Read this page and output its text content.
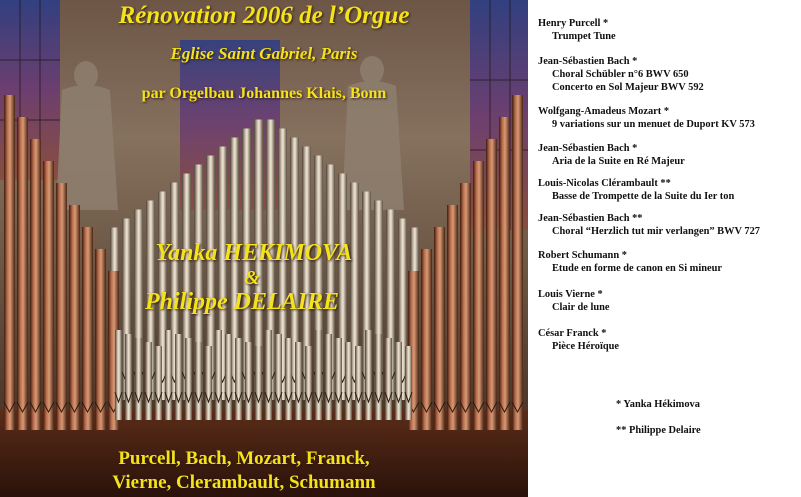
Rénovation 2006 de l’Orgue
Eglise Saint Gabriel, Paris
par Orgelbau Johannes Klais, Bonn
Yanka HEKIMOVA
&
Philippe DELAIRE
Purcell, Bach, Mozart, Franck,
Vierne, Clerambault, Schumann
Henry Purcell *
Trumpet Tune
Jean-Sébastien Bach *
Choral Schübler n°6 BWV 650
Concerto en Sol Majeur BWV 592
Wolfgang-Amadeus Mozart *
9 variations sur un menuet de Duport KV 573
Jean-Sébastien Bach *
Aria de la Suite en Ré Majeur
Louis-Nicolas Clérambault **
Basse de Trompette de la Suite du Ier ton
Jean-Sébastien Bach **
Choral “Herzlich tut mir verlangen” BWV 727
Robert Schumann *
Etude en forme de canon en Si mineur
Louis Vierne *
Clair de lune
César Franck *
Pièce Héroïque
* Yanka Hékimova
** Philippe Delaire
